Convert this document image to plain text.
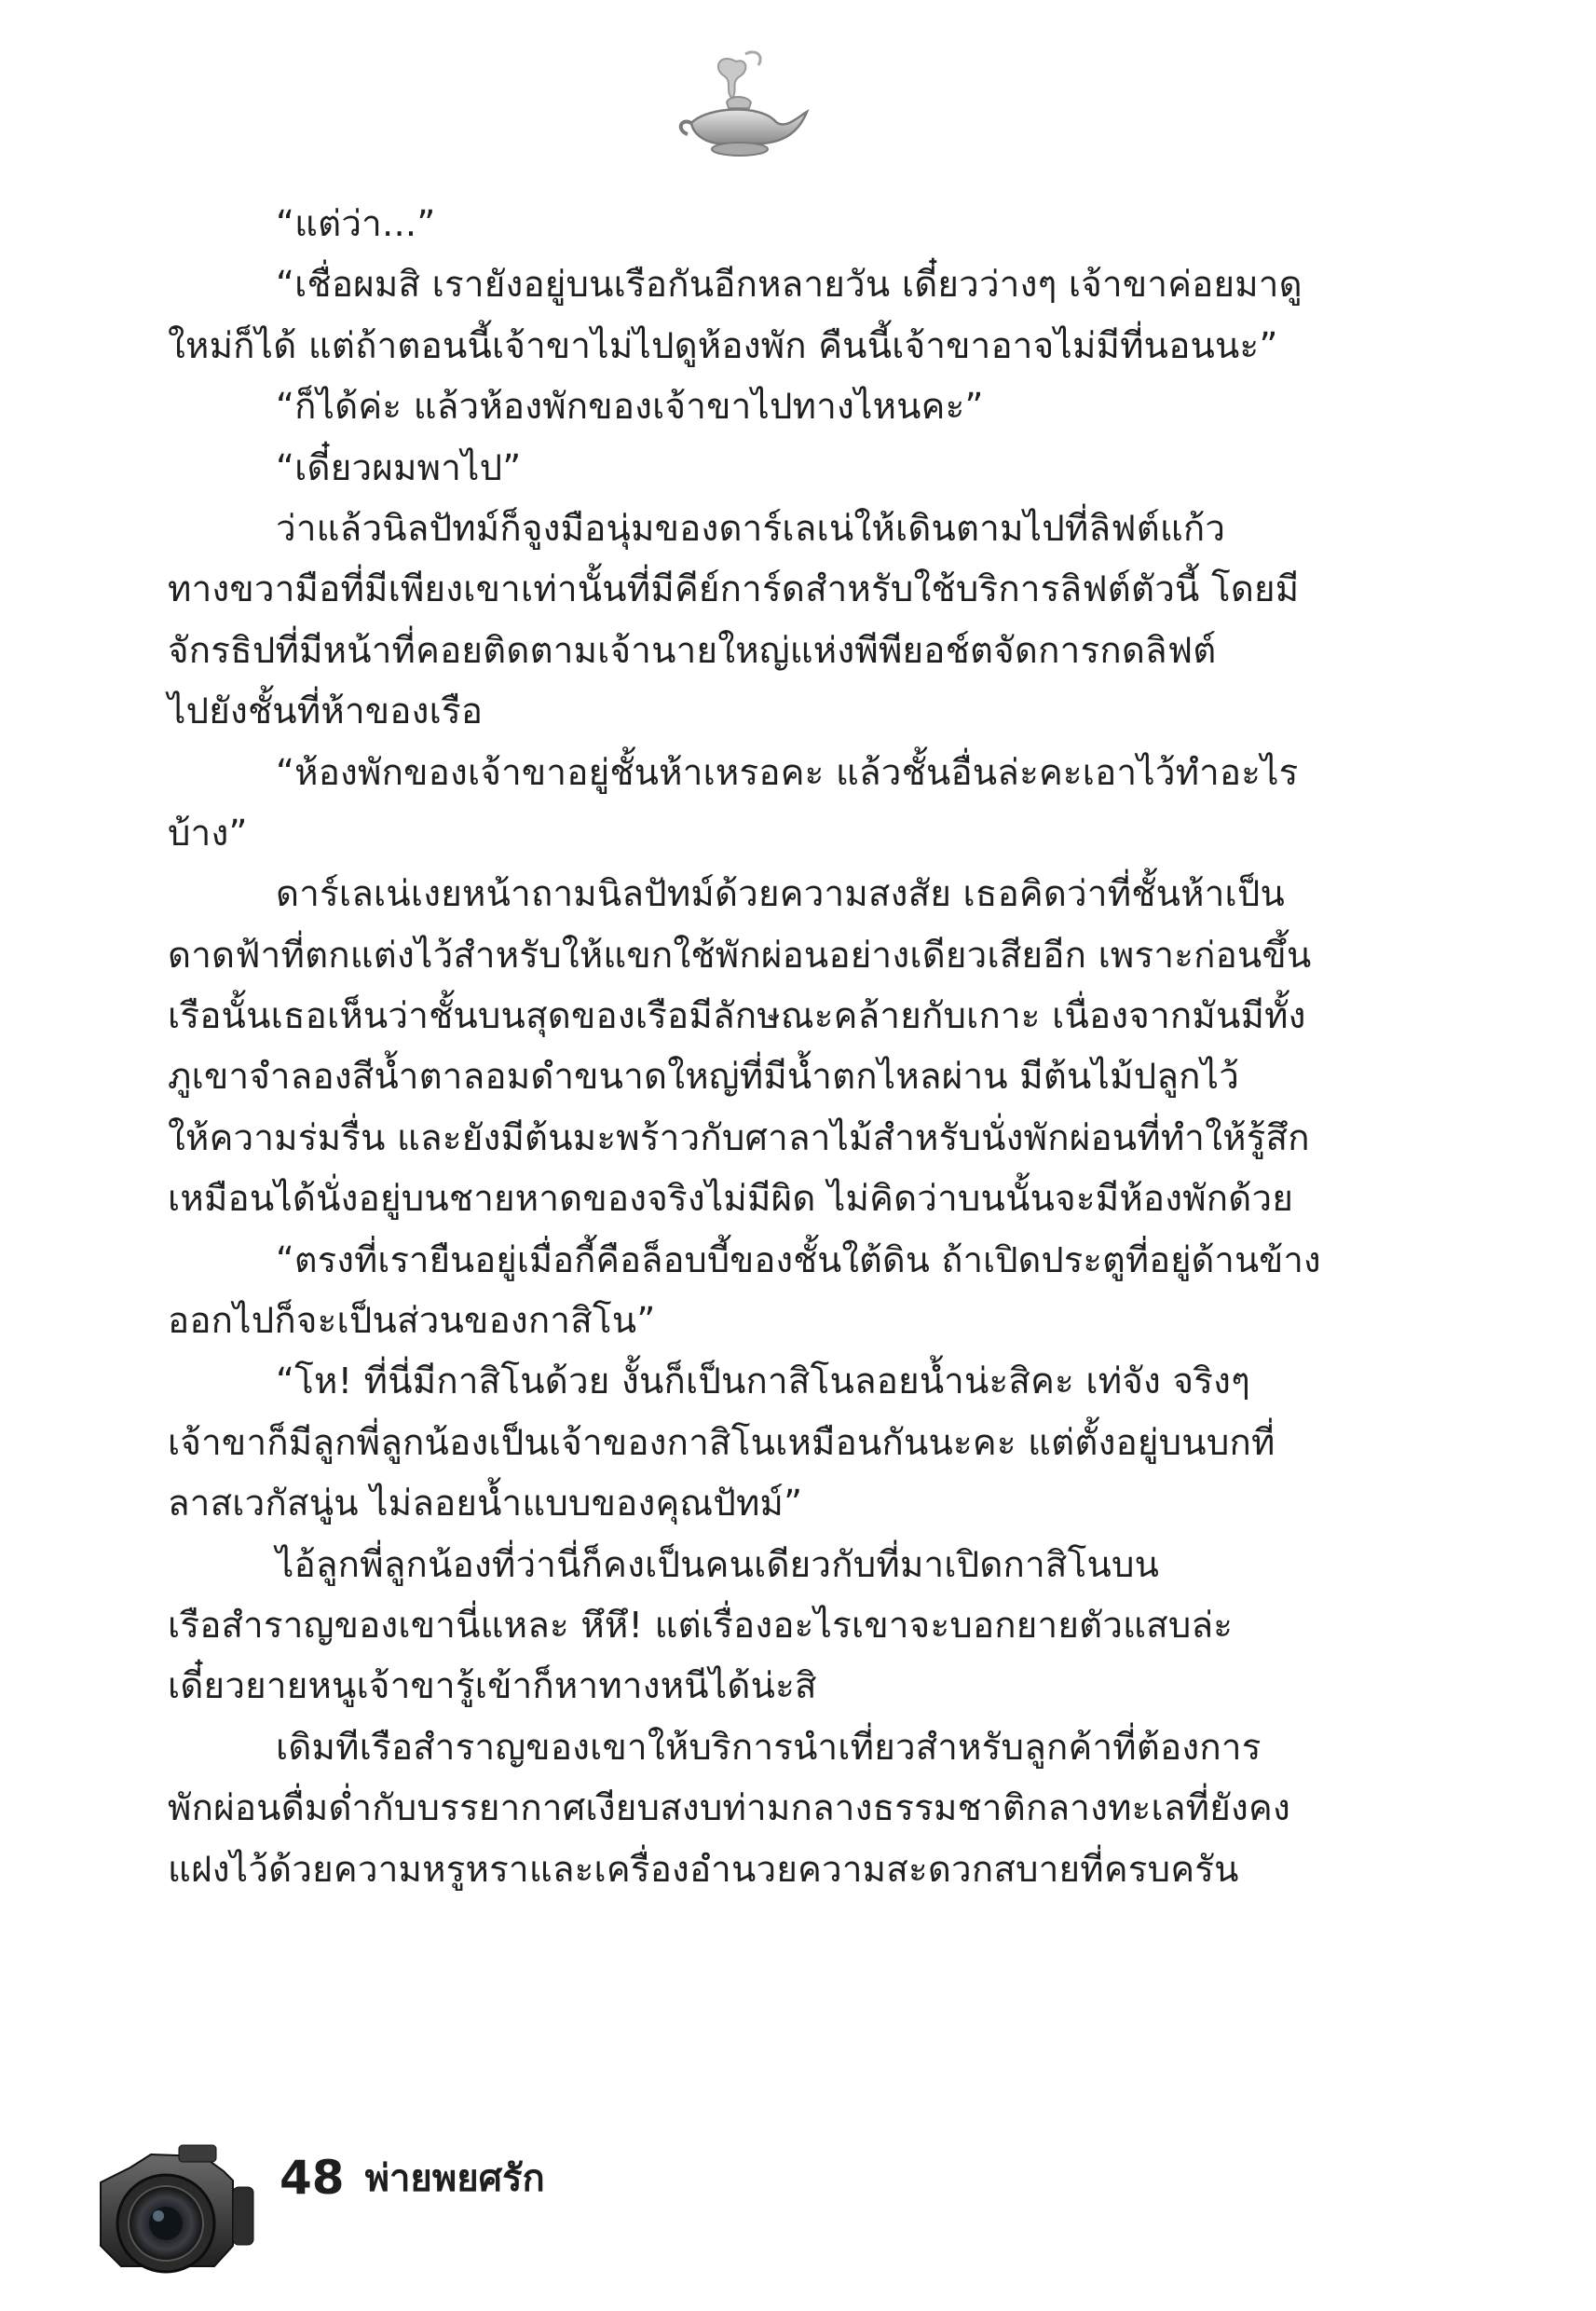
“แต่ว่า...”
“เชื่อผมสิ เรายังอยู่บนเรือกันอีกหลายวัน เดี๋ยวว่างๆ เจ้าขาค่อยมาดู
ใหม่ก็ได้ แต่ถ้าตอนนี้เจ้าขาไม่ไปดูห้องพัก คืนนี้เจ้าขาอาจไม่มีที่นอนนะ”
“ก็ได้ค่ะ แล้วห้องพักของเจ้าขาไปทางไหนคะ”
“เดี๋ยวผมพาไป”
ว่าแล้วนิลปัทม์ก็จูงมือนุ่มของดาร์เลเน่ให้เดินตามไปที่ลิฟต์แก้ว
ทางขวามือที่มีเพียงเขาเท่านั้นที่มีคีย์การ์ดสำหรับใช้บริการลิฟต์ตัวนี้ โดยมี
จักรธิปที่มีหน้าที่คอยติดตามเจ้านายใหญ่แห่งพีพียอช์ตจัดการกดลิฟต์
ไปยังชั้นที่ห้าของเรือ
“ห้องพักของเจ้าขาอยู่ชั้นห้าเหรอคะ แล้วชั้นอื่นล่ะคะเอาไว้ทำอะไร
บ้าง”
ดาร์เลเน่เงยหน้าถามนิลปัทม์ด้วยความสงสัย เธอคิดว่าที่ชั้นห้าเป็น
ดาดฟ้าที่ตกแต่งไว้สำหรับให้แขกใช้พักผ่อนอย่างเดียวเสียอีก เพราะก่อนขึ้น
เรือนั้นเธอเห็นว่าชั้นบนสุดของเรือมีลักษณะคล้ายกับเกาะ เนื่องจากมันมีทั้ง
ภูเขาจำลองสีน้ำตาลอมดำขนาดใหญ่ที่มีน้ำตกไหลผ่าน มีต้นไม้ปลูกไว้
ให้ความร่มรื่น และยังมีต้นมะพร้าวกับศาลาไม้สำหรับนั่งพักผ่อนที่ทำให้รู้สึก
เหมือนได้นั่งอยู่บนชายหาดของจริงไม่มีผิด ไม่คิดว่าบนนั้นจะมีห้องพักด้วย
“ตรงที่เรายืนอยู่เมื่อกี้คือล็อบบี้ของชั้นใต้ดิน ถ้าเปิดประตูที่อยู่ด้านข้าง
ออกไปก็จะเป็นส่วนของกาสิโน”
“โห! ที่นี่มีกาสิโนด้วย งั้นก็เป็นกาสิโนลอยน้ำน่ะสิคะ เท่จัง จริงๆ
เจ้าขาก็มีลูกพี่ลูกน้องเป็นเจ้าของกาสิโนเหมือนกันนะคะ แต่ตั้งอยู่บนบกที่
ลาสเวกัสนู่น ไม่ลอยน้ำแบบของคุณปัทม์”
ไอ้ลูกพี่ลูกน้องที่ว่านี่ก็คงเป็นคนเดียวกับที่มาเปิดกาสิโนบน
เรือสำราญของเขานี่แหละ หึหึ! แต่เรื่องอะไรเขาจะบอกยายตัวแสบล่ะ
เดี๋ยวยายหนูเจ้าขารู้เข้าก็หาทางหนีได้น่ะสิ
เดิมทีเรือสำราญของเขาให้บริการนำเที่ยวสำหรับลูกค้าที่ต้องการ
พักผ่อนดื่มด่ำกับบรรยากาศเงียบสงบท่ามกลางธรรมชาติกลางทะเลที่ยังคง
แฝงไว้ด้วยความหรูหราและเครื่องอำนวยความสะดวกสบายที่ครบครัน
48 พ่ายพยศรัก
